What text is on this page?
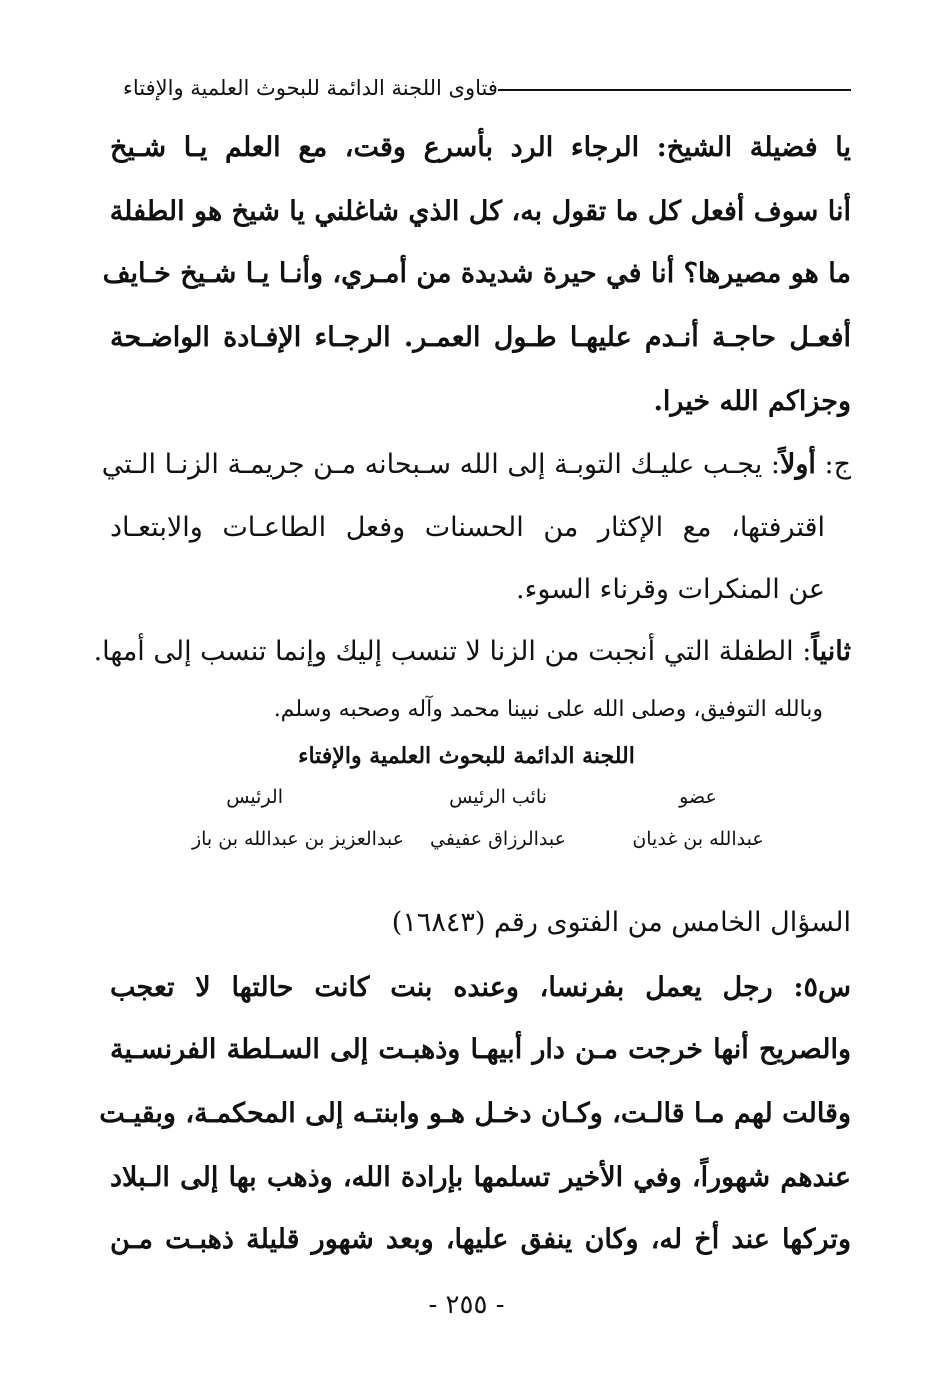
فتاوى اللجنة الدائمة للبحوث العلمية والإفتاء
يا فضيلة الشيخ: الرجاء الرد بأسرع وقت، مع العلم يـا شـيخ
أنا سوف أفعل كل ما تقول به، كل الذي شاغلني يا شيخ هو الطفلة
ما هو مصيرها؟ أنا في حيرة شديدة من أمـري، وأنـا يـا شـيخ خـايف
أفعـل حاجـة أنـدم عليهـا طـول العمـر. الرجـاء الإفـادة الواضـحة
وجزاكم الله خيرا.
ج: أولاً: يجـب عليـك التوبـة إلى الله سـبحانه مـن جريمـة الزنـا الـتي
اقترفتها، مع الإكثار من الحسنات وفعل الطاعـات والابتعـاد
عن المنكرات وقرناء السوء.
ثانياً: الطفلة التي أنجبت من الزنا لا تنسب إليك وإنما تنسب إلى أمها.
وبالله التوفيق، وصلى الله على نبينا محمد وآله وصحبه وسلم.
اللجنة الدائمة للبحوث العلمية والإفتاء
عضو
عبدالله بن غديان
نائب الرئيس
عبدالرزاق عفيفي
الرئيس
عبدالعزيز بن عبدالله بن باز
السؤال الخامس من الفتوى رقم (١٦٨٤٣)
س٥: رجل يعمل بفرنسا، وعنده بنت كانت حالتها لا تعجب
والصريح أنها خرجت مـن دار أبيهـا وذهبـت إلى السـلطة الفرنسـية
وقالت لهم مـا قالـت، وكـان دخـل هـو وابنتـه إلى المحكمـة، وبقيـت
عندهم شهوراً، وفي الأخير تسلمها بإرادة الله، وذهب بها إلى الـبلاد
وتركها عند أخ له، وكان ينفق عليها، وبعد شهور قليلة ذهبـت مـن
- ٢٥٥ -
